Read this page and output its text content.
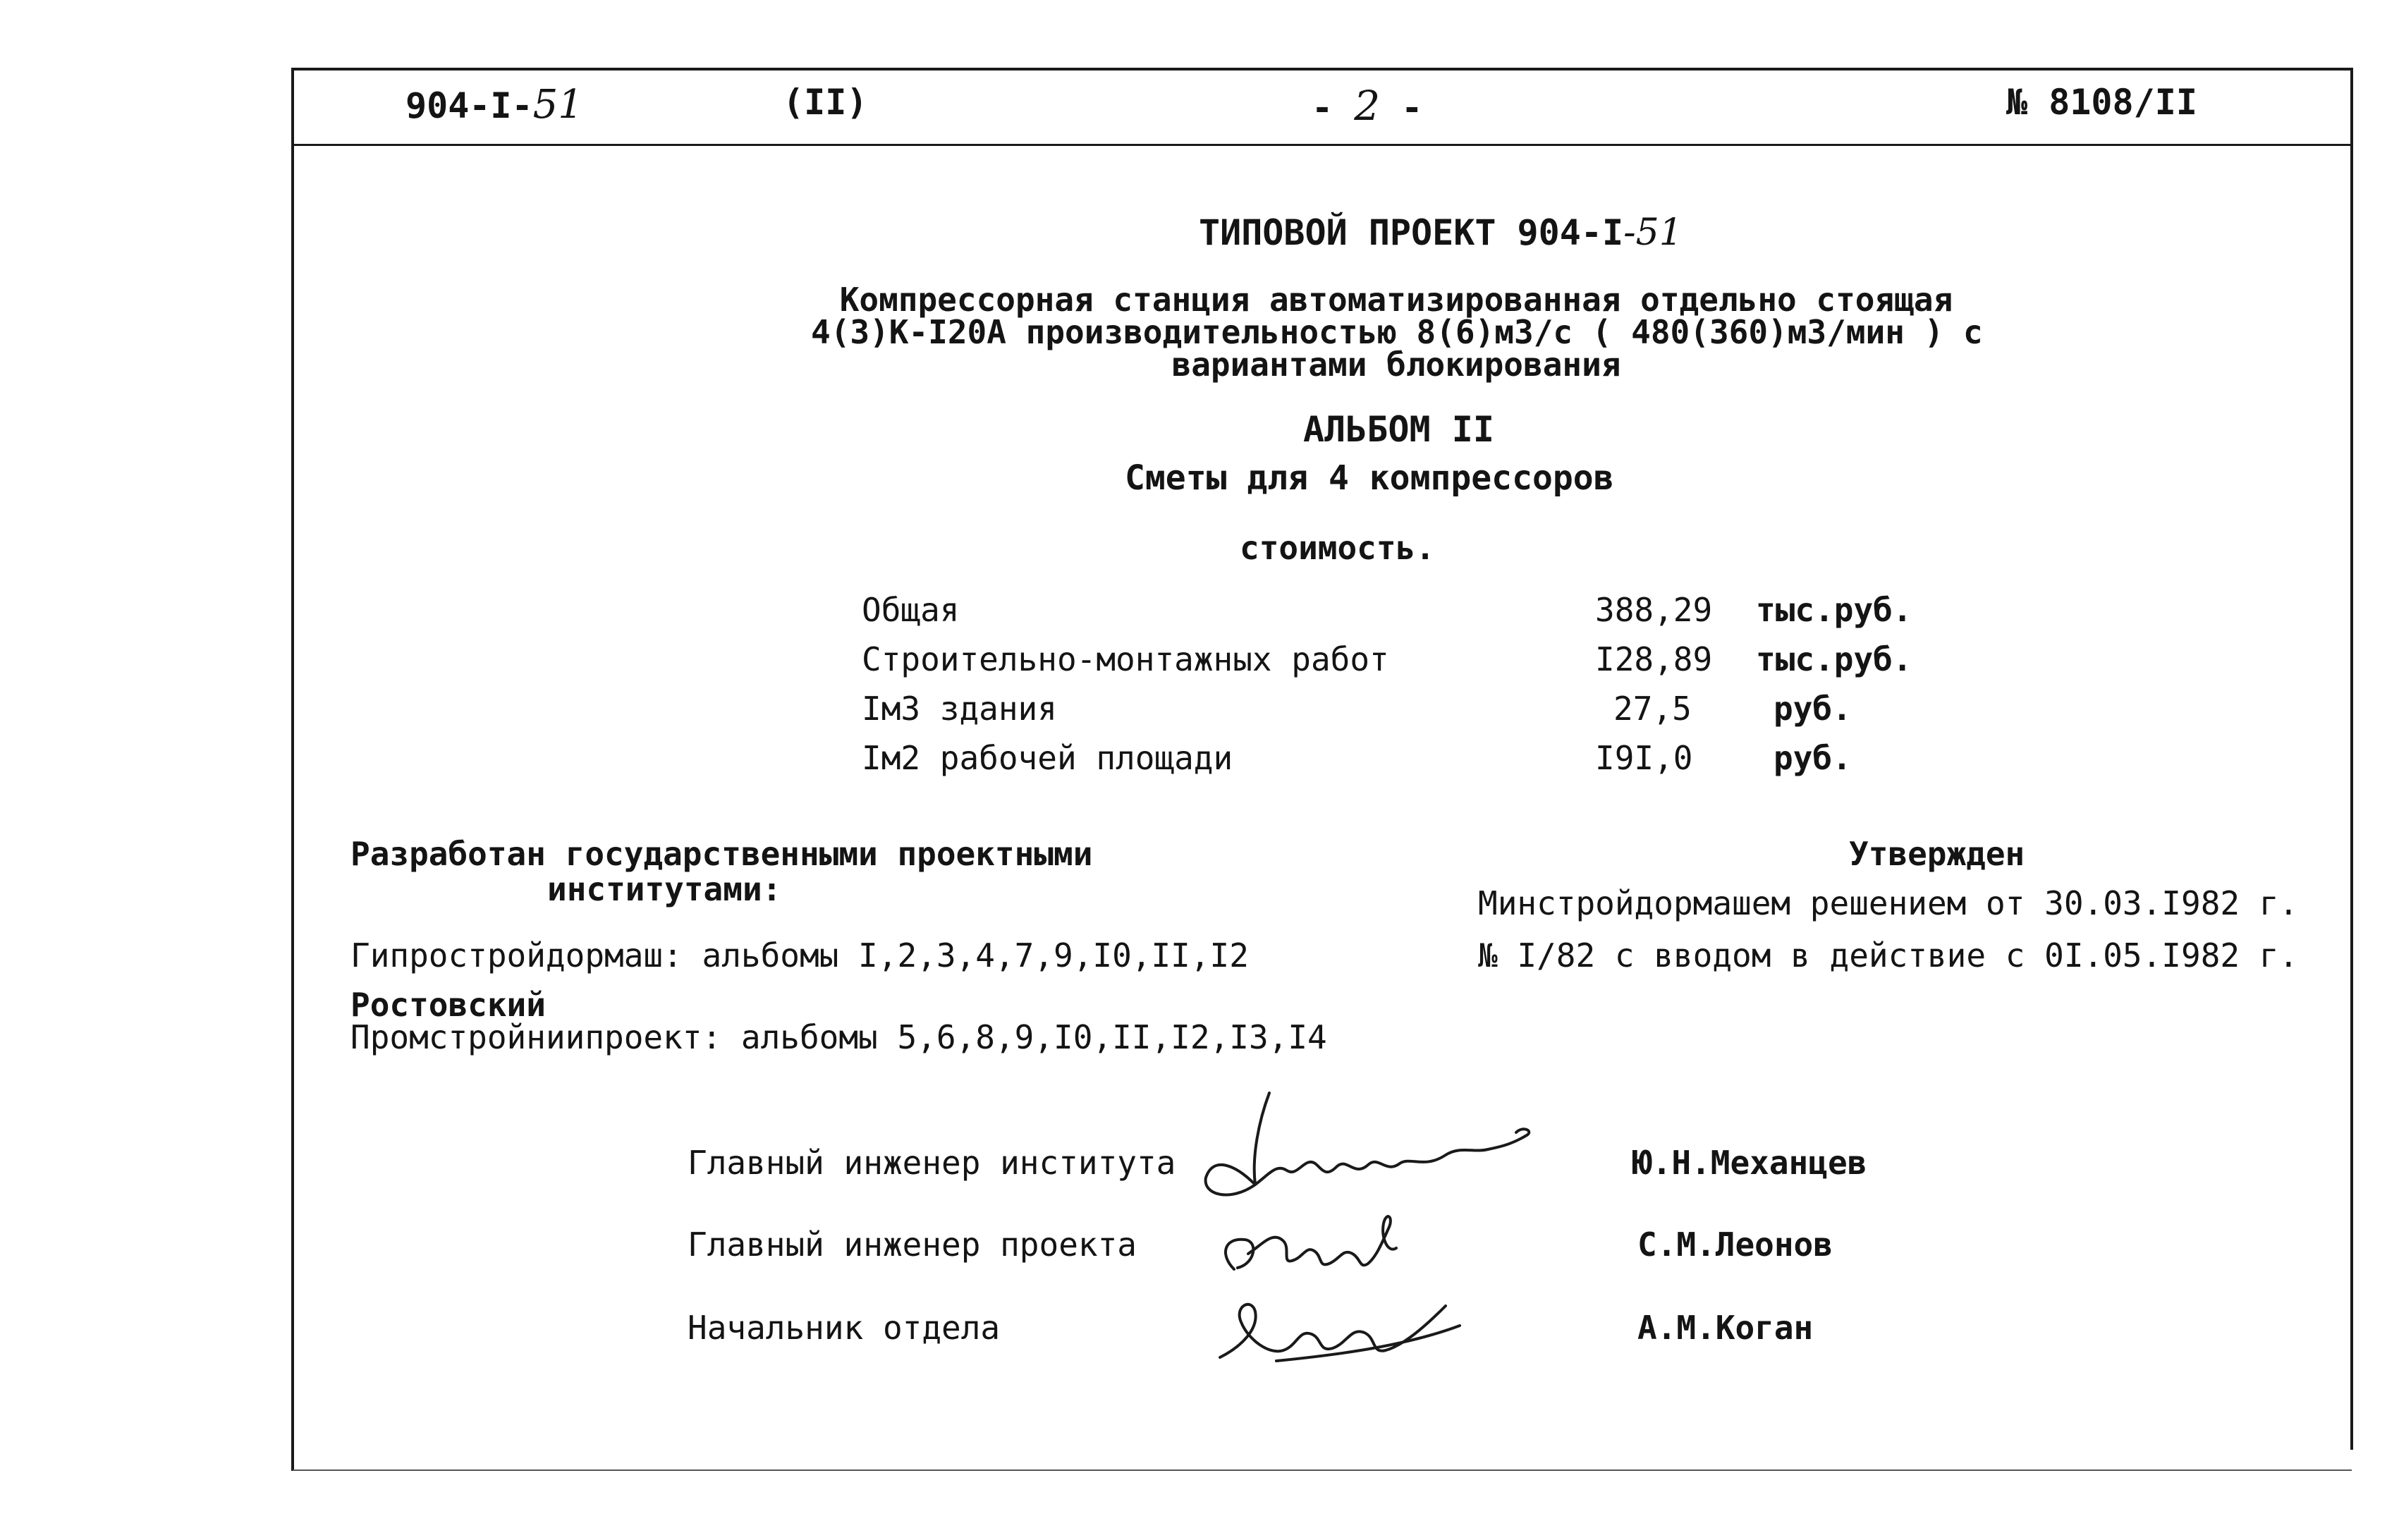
904-I-51	(II)	- 2 -	№ 8108/II
ТИПОВОЙ ПРОЕКТ 904-I-51
Компрессорная станция автоматизированная отдельно стоящая
4(3)К-I20А производительностью 8(6)м3/с ( 480(360)м3/мин ) с
вариантами блокирования
АЛЬБОМ II
Сметы для 4 компрессоров
стоимость.
Общая	388,29 тыс.руб.
Строительно-монтажных работ	I28,89 тыс.руб.
Iм3 здания	27,5	руб.
Iм2 рабочей площади	I9I,0 руб.
Разработан государственными проектными
институтами:
Гипростройдормаш: альбомы I,2,3,4,7,9,I0,II,I2
Ростовский
Промстройниипроект: альбомы 5,6,8,9,I0,II,I2,I3,I4
Утвержден
Минстройдормашем решением от 30.03.I982 г.
№ I/82 с вводом в действие с 0I.05.I982 г.
Главный инженер института	Ю.Н.Механцев
Главный инженер проекта	С.М.Леонов
Начальник отдела	А.М.Коган
